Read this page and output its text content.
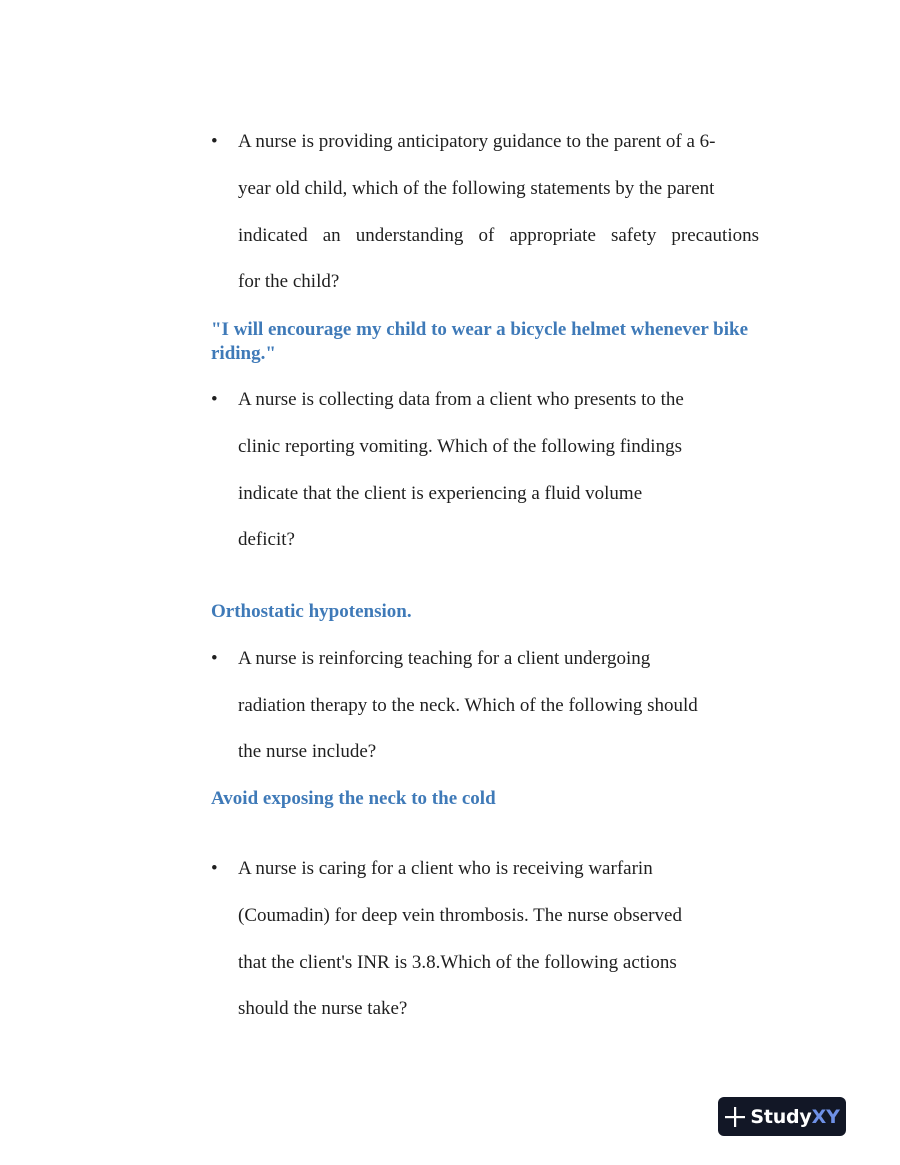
• A nurse is providing anticipatory guidance to the parent of a 6-
year old child, which of the following statements by the parent
indicated an understanding of appropriate safety precautions
for the child?
"I will encourage my child to wear a bicycle helmet whenever bike
riding."
• A nurse is collecting data from a client who presents to the
clinic reporting vomiting. Which of the following findings
indicate that the client is experiencing a fluid volume
deficit?
Orthostatic hypotension.
• A nurse is reinforcing teaching for a client undergoing
radiation therapy to the neck. Which of the following should
the nurse include?
Avoid exposing the neck to the cold
• A nurse is caring for a client who is receiving warfarin
(Coumadin) for deep vein thrombosis. The nurse observed
that the client's INR is 3.8.Which of the following actions
should the nurse take?
StudyXY
